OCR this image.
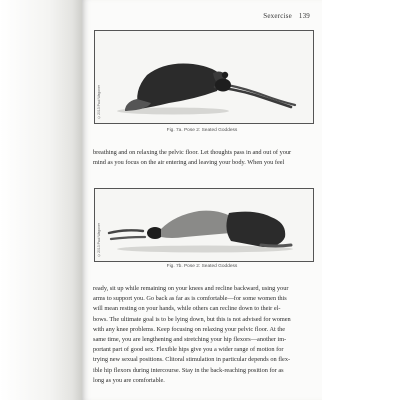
Sexercise 139
©2013 Paul Wagoner
Fig. 7a. Pose 2: Seated Goddess
breathing and on relaxing the pelvic floor. Let thoughts pass in and out of your
mind as you focus on the air entering and leaving your body. When you feel
©2013 Paul Wagoner
Fig. 7b. Pose 2: Seated Goddess
ready, sit up while remaining on your knees and recline backward, using your
arms to support you. Go back as far as is comfortable—for some women this
will mean resting on your hands, while others can recline down to their el-
bows. The ultimate goal is to be lying down, but this is not advised for women
with any knee problems. Keep focusing on relaxing your pelvic floor. At the
same time, you are lengthening and stretching your hip flexors—another im-
portant part of good sex. Flexible hips give you a wider range of motion for
trying new sexual positions. Clitoral stimulation in particular depends on flex-
ible hip flexors during intercourse. Stay in the back-reaching position for as
long as you are comfortable.
